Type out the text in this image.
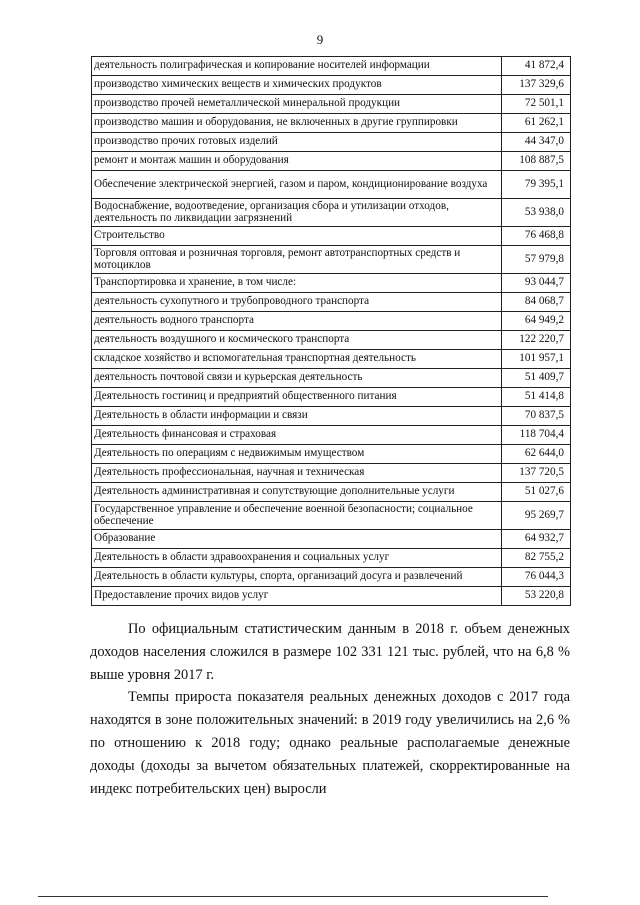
9
деятельность полиграфическая и копирование носителей информации	41 872,4
производство химических веществ и химических продуктов	137 329,6
производство прочей неметаллической минеральной продукции	72 501,1
производство машин и оборудования, не включенных в другие группировки	61 262,1
производство прочих готовых изделий	44 347,0
ремонт и монтаж машин и оборудования	108 887,5
Обеспечение электрической энергией, газом и паром, кондиционирование воздуха	79 395,1
Водоснабжение, водоотведение, организация сбора и утилизации отходов, деятельность по ликвидации загрязнений	53 938,0
Строительство	76 468,8
Торговля оптовая и розничная торговля, ремонт автотранспортных средств и мотоциклов	57 979,8
Транспортировка и хранение, в том числе:	93 044,7
деятельность сухопутного и трубопроводного транспорта	84 068,7
деятельность водного транспорта	64 949,2
деятельность воздушного и космического транспорта	122 220,7
складское хозяйство и вспомогательная транспортная деятельность	101 957,1
деятельность почтовой связи и курьерская деятельность	51 409,7
Деятельность гостиниц и предприятий общественного питания	51 414,8
Деятельность в области информации и связи	70 837,5
Деятельность финансовая и страховая	118 704,4
Деятельность по операциям с недвижимым имуществом	62 644,0
Деятельность профессиональная, научная и техническая	137 720,5
Деятельность административная и сопутствующие дополнительные услуги	51 027,6
Государственное управление и обеспечение военной безопасности; социальное обеспечение	95 269,7
Образование	64 932,7
Деятельность в области здравоохранения и социальных услуг	82 755,2
Деятельность в области культуры, спорта, организаций досуга и развлечений	76 044,3
Предоставление прочих видов услуг	53 220,8

По официальным статистическим данным в 2018 г. объем денежных доходов населения сложился в размере 102 331 121 тыс. рублей, что на 6,8 % выше уровня 2017 г.

Темпы прироста показателя реальных денежных доходов с 2017 года находятся в зоне положительных значений: в 2019 году увеличились на 2,6 % по отношению к 2018 году; однако реальные располагаемые денежные доходы (доходы за вычетом обязательных платежей, скорректированные на индекс потребительских цен) выросли
